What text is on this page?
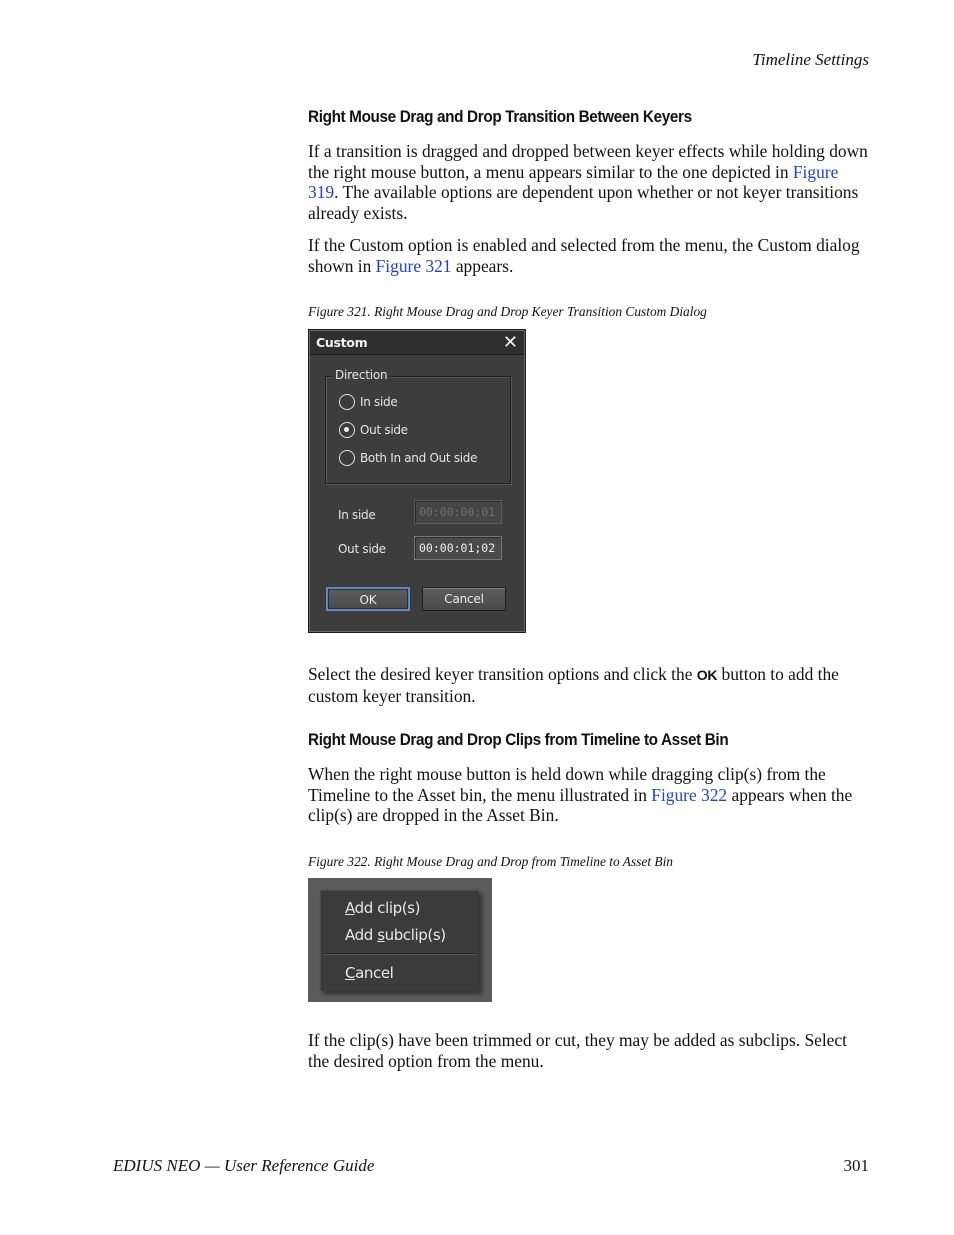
Timeline Settings
Right Mouse Drag and Drop Transition Between Keyers
If a transition is dragged and dropped between keyer effects while holding down the right mouse button, a menu appears similar to the one depicted in Figure 319. The available options are dependent upon whether or not keyer transitions already exists.
If the Custom option is enabled and selected from the menu, the Custom dialog shown in Figure 321 appears.
Figure 321. Right Mouse Drag and Drop Keyer Transition Custom Dialog
Custom	✕
Direction
In side
Out side
Both In and Out side
In side	00:00:00;01
Out side	00:00:01;02
OK	Cancel
Select the desired keyer transition options and click the OK button to add the custom keyer transition.
Right Mouse Drag and Drop Clips from Timeline to Asset Bin
When the right mouse button is held down while dragging clip(s) from the Timeline to the Asset bin, the menu illustrated in Figure 322 appears when the clip(s) are dropped in the Asset Bin.
Figure 322. Right Mouse Drag and Drop from Timeline to Asset Bin
Add clip(s)
Add subclip(s)
Cancel
If the clip(s) have been trimmed or cut, they may be added as subclips. Select the desired option from the menu.
EDIUS NEO — User Reference Guide	301
